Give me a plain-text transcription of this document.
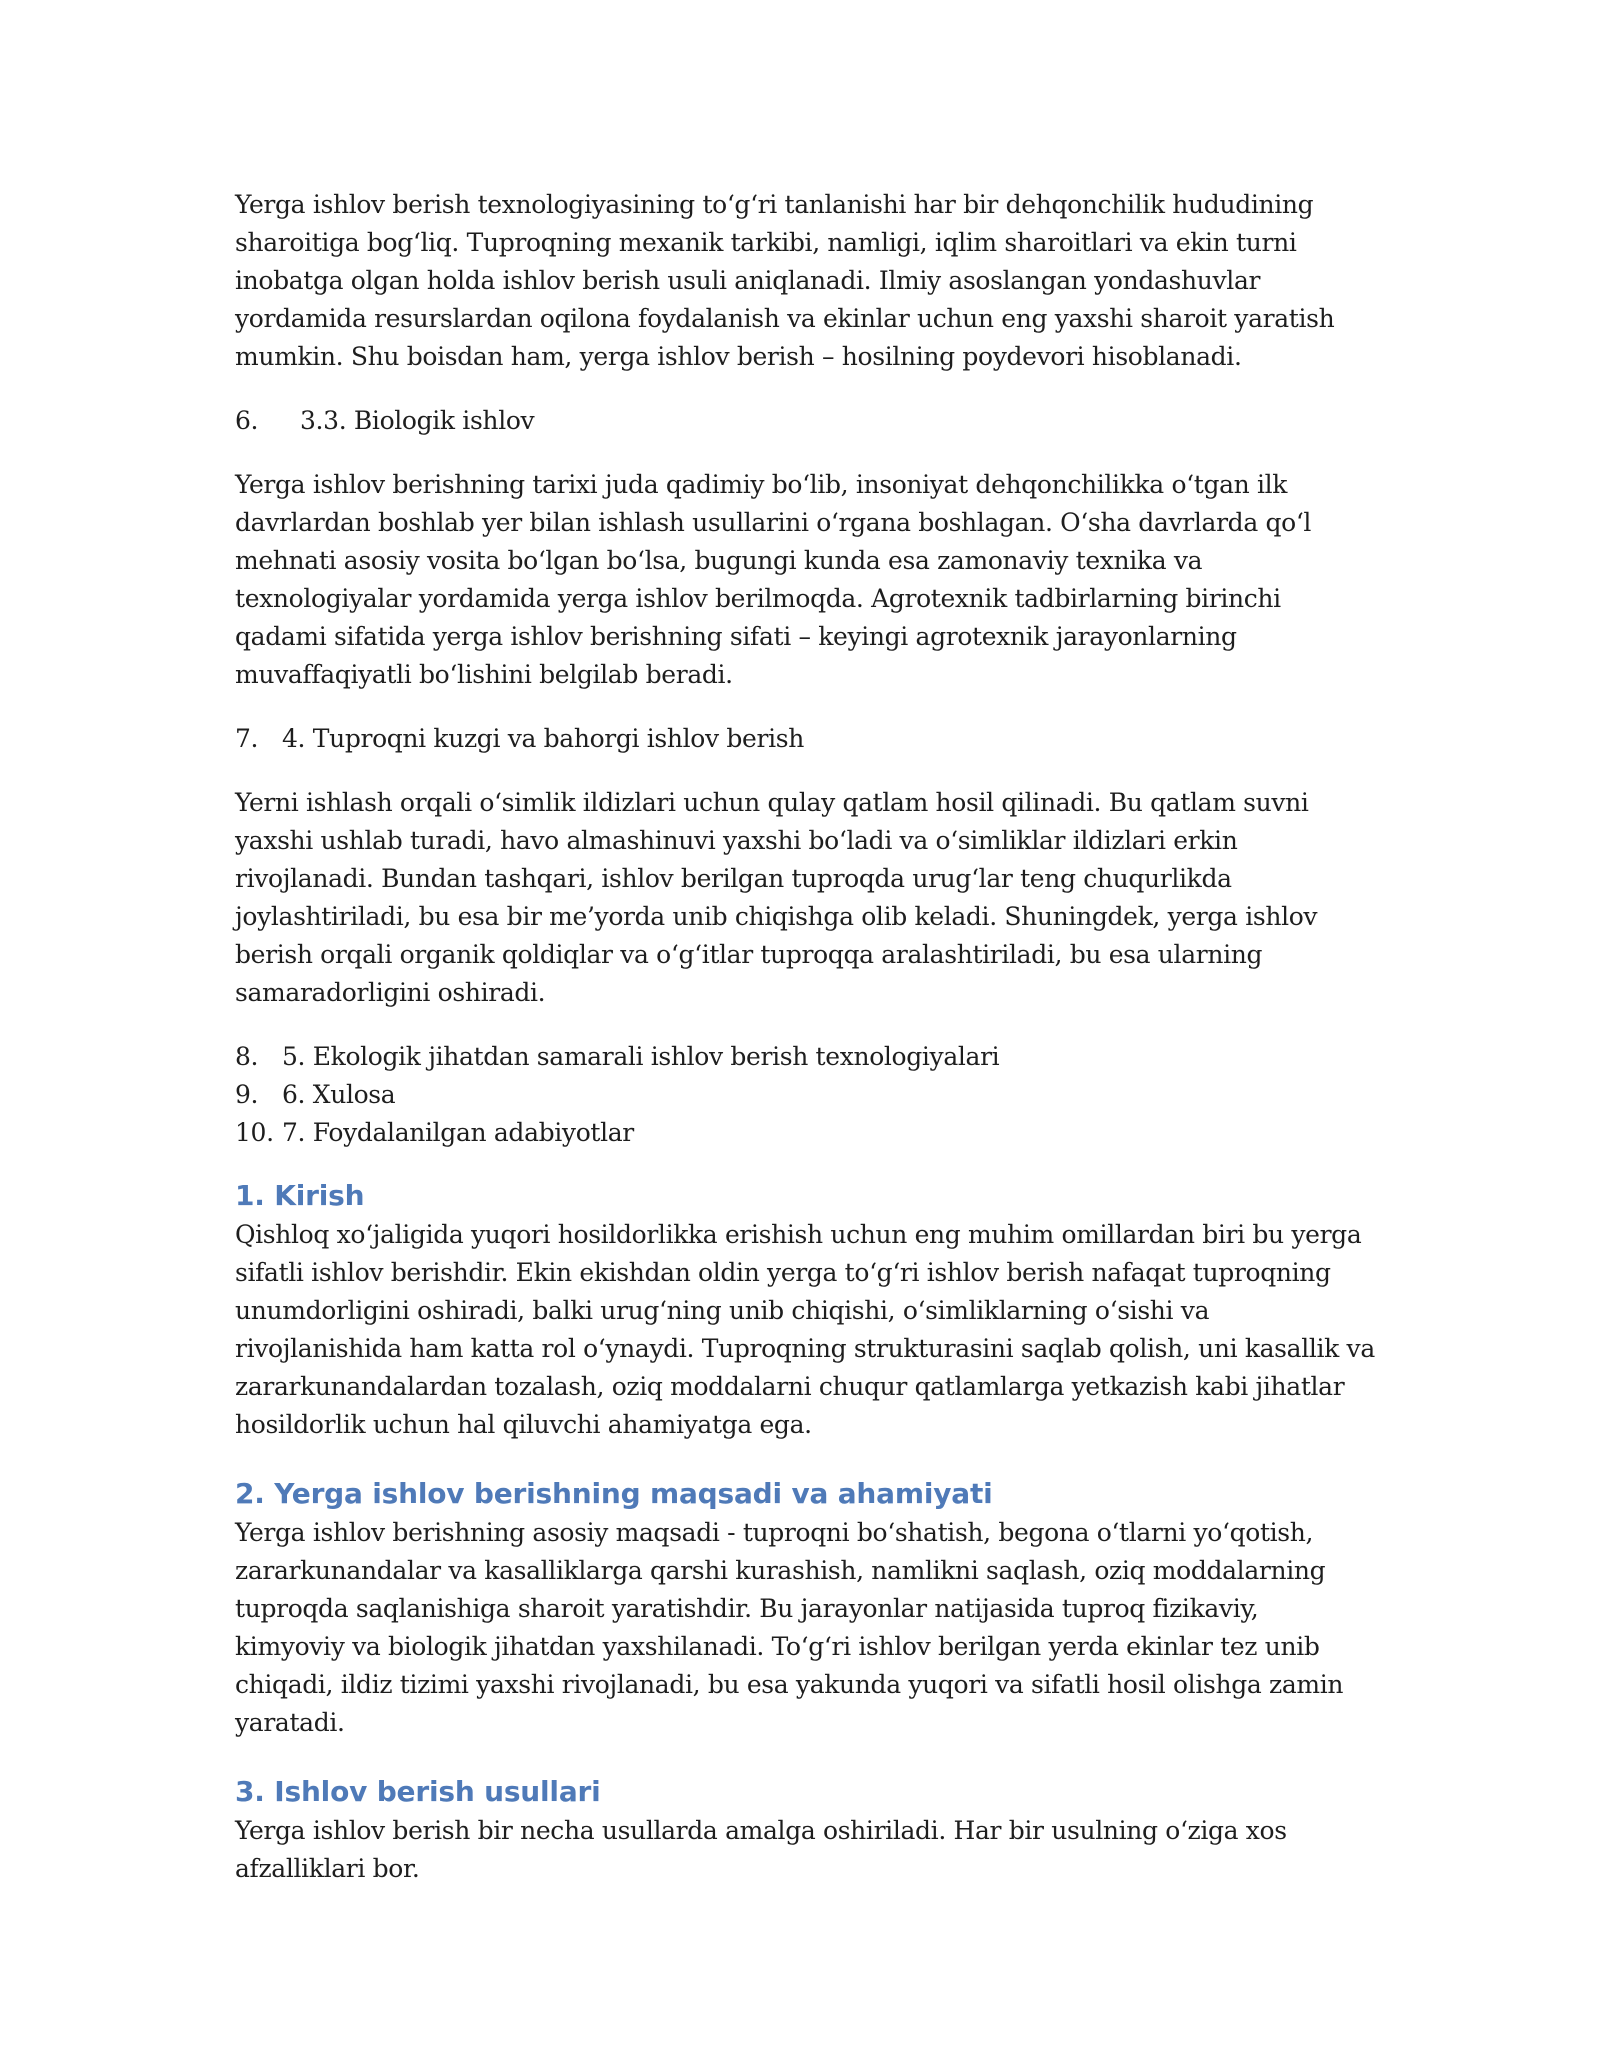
Yerga ishlov berish texnologiyasining to‘g‘ri tanlanishi har bir dehqonchilik hududining sharoitiga bog‘liq. Tuproqning mexanik tarkibi, namligi, iqlim sharoitlari va ekin turni inobatga olgan holda ishlov berish usuli aniqlanadi. Ilmiy asoslangan yondashuvlar yordamida resurslardan oqilona foydalanish va ekinlar uchun eng yaxshi sharoit yaratish mumkin. Shu boisdan ham, yerga ishlov berish – hosilning poydevori hisoblanadi.

6.	3.3. Biologik ishlov

Yerga ishlov berishning tarixi juda qadimiy bo‘lib, insoniyat dehqonchilikka o‘tgan ilk davrlardan boshlab yer bilan ishlash usullarini o‘rgana boshlagan. O‘sha davrlarda qo‘l mehnati asosiy vosita bo‘lgan bo‘lsa, bugungi kunda esa zamonaviy texnika va texnologiyalar yordamida yerga ishlov berilmoqda. Agrotexnik tadbirlarning birinchi qadami sifatida yerga ishlov berishning sifati – keyingi agrotexnik jarayonlarning muvaffaqiyatli bo‘lishini belgilab beradi.

7. 4. Tuproqni kuzgi va bahorgi ishlov berish

Yerni ishlash orqali o‘simlik ildizlari uchun qulay qatlam hosil qilinadi. Bu qatlam suvni yaxshi ushlab turadi, havo almashinuvi yaxshi bo‘ladi va o‘simliklar ildizlari erkin rivojlanadi. Bundan tashqari, ishlov berilgan tuproqda urug‘lar teng chuqurlikda joylashtiriladi, bu esa bir me’yorda unib chiqishga olib keladi. Shuningdek, yerga ishlov berish orqali organik qoldiqlar va o‘g‘itlar tuproqqa aralashtiriladi, bu esa ularning samaradorligini oshiradi.

8. 5. Ekologik jihatdan samarali ishlov berish texnologiyalari
9. 6. Xulosa
10. 7. Foydalanilgan adabiyotlar
1. Kirish

Qishloq xo‘jaligida yuqori hosildorlikka erishish uchun eng muhim omillardan biri bu yerga sifatli ishlov berishdir. Ekin ekishdan oldin yerga to‘g‘ri ishlov berish nafaqat tuproqning unumdorligini oshiradi, balki urug‘ning unib chiqishi, o‘simliklarning o‘sishi va rivojlanishida ham katta rol o‘ynaydi. Tuproqning strukturasini saqlab qolish, uni kasallik va zararkunandalardan tozalash, oziq moddalarni chuqur qatlamlarga yetkazish kabi jihatlar hosildorlik uchun hal qiluvchi ahamiyatga ega.

2. Yerga ishlov berishning maqsadi va ahamiyati

Yerga ishlov berishning asosiy maqsadi - tuproqni bo‘shatish, begona o‘tlarni yo‘qotish, zararkunandalar va kasalliklarga qarshi kurashish, namlikni saqlash, oziq moddalarning tuproqda saqlanishiga sharoit yaratishdir. Bu jarayonlar natijasida tuproq fizikaviy, kimyoviy va biologik jihatdan yaxshilanadi. To‘g‘ri ishlov berilgan yerda ekinlar tez unib chiqadi, ildiz tizimi yaxshi rivojlanadi, bu esa yakunda yuqori va sifatli hosil olishga zamin yaratadi.

3. Ishlov berish usullari

Yerga ishlov berish bir necha usullarda amalga oshiriladi. Har bir usulning o‘ziga xos afzalliklari bor.
